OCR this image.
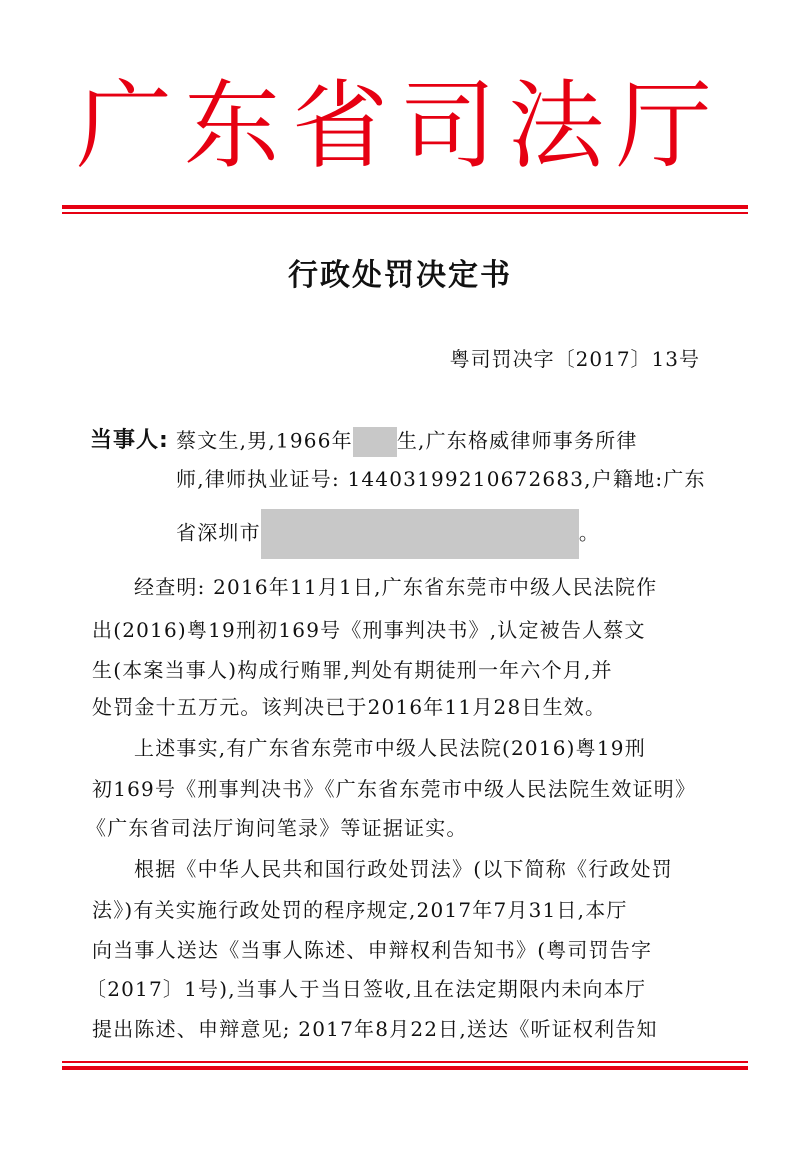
广东省司法厅
行政处罚决定书
粤司罚决字〔2017〕13号
当事人: 蔡文生,男,1966年 生,广东格威律师事务所律
师,律师执业证号: 14403199210672683,户籍地:广东
省深圳市	。
经查明: 2016年11月1日,广东省东莞市中级人民法院作
出(2016)粤19刑初169号《刑事判决书》,认定被告人蔡文
生(本案当事人)构成行贿罪,判处有期徒刑一年六个月,并
处罚金十五万元。该判决已于2016年11月28日生效。
上述事实,有广东省东莞市中级人民法院(2016)粤19刑
初169号《刑事判决书》《广东省东莞市中级人民法院生效证明》
《广东省司法厅询问笔录》等证据证实。
根据《中华人民共和国行政处罚法》(以下简称《行政处罚
法》)有关实施行政处罚的程序规定,2017年7月31日,本厅
向当事人送达《当事人陈述、申辩权利告知书》(粤司罚告字
〔2017〕1号),当事人于当日签收,且在法定期限内未向本厅
提出陈述、申辩意见; 2017年8月22日,送达《听证权利告知
